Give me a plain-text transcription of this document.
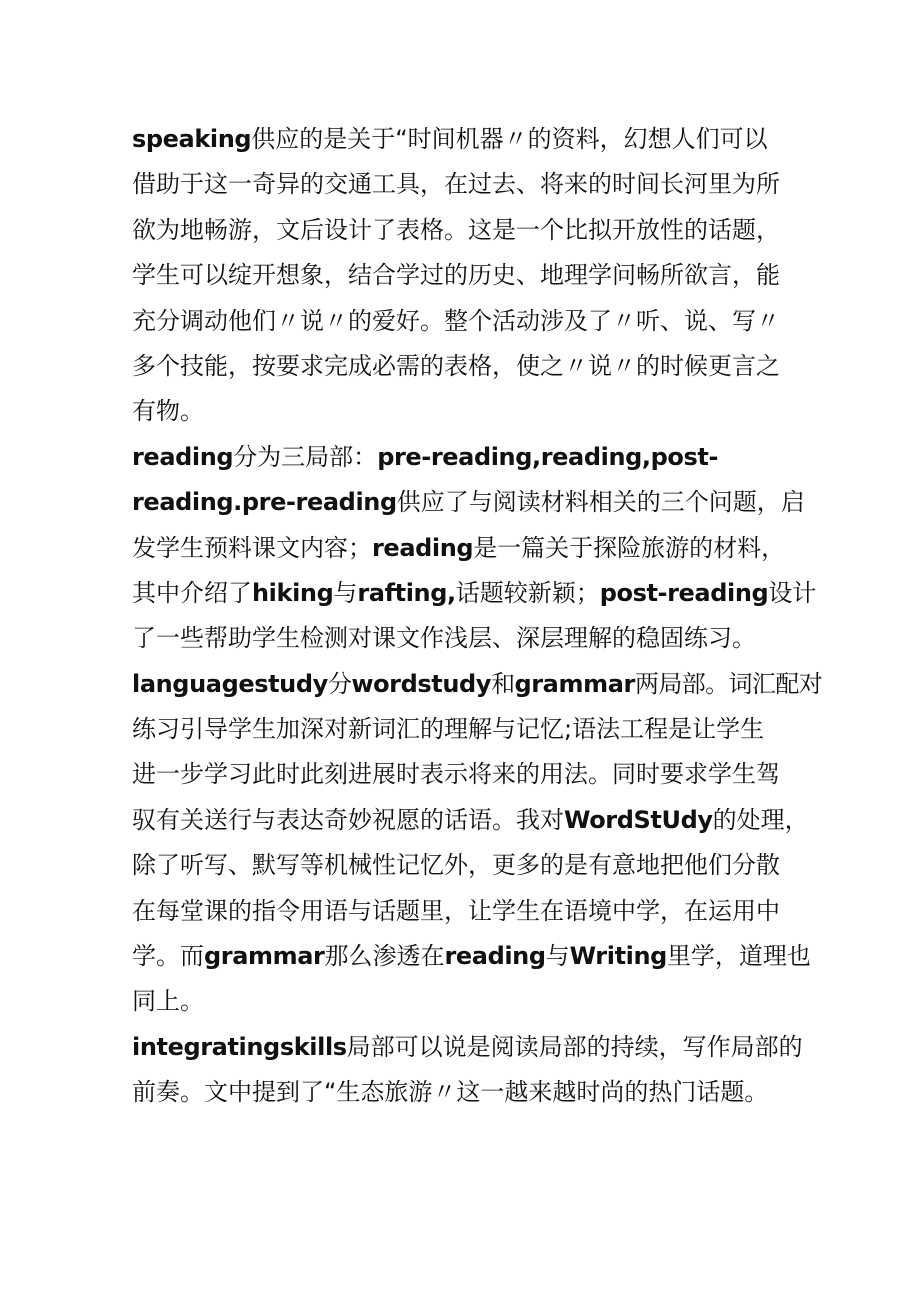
speaking供应的是关于“时间机器〃的资料，幻想人们可以
借助于这一奇异的交通工具，在过去、将来的时间长河里为所
欲为地畅游，文后设计了表格。这是一个比拟开放性的话题，
学生可以绽开想象，结合学过的历史、地理学问畅所欲言，能
充分调动他们〃说〃的爱好。整个活动涉及了〃听、说、写〃
多个技能，按要求完成必需的表格，使之〃说〃的时候更言之
有物。
reading分为三局部：pre-reading,reading,post-
reading.pre-reading供应了与阅读材料相关的三个问题，启
发学生预料课文内容；reading是一篇关于探险旅游的材料，
其中介绍了hiking与rafting,话题较新颖；post-reading设计
了一些帮助学生检测对课文作浅层、深层理解的稳固练习。
languagestudy分wordstudy和grammar两局部。词汇配对
练习引导学生加深对新词汇的理解与记忆;语法工程是让学生
进一步学习此时此刻进展时表示将来的用法。同时要求学生驾
驭有关送行与表达奇妙祝愿的话语。我对WordStUdy的处理，
除了听写、默写等机械性记忆外，更多的是有意地把他们分散
在每堂课的指令用语与话题里，让学生在语境中学，在运用中
学。而grammar那么渗透在reading与Writing里学，道理也
同上。
integratingskills局部可以说是阅读局部的持续，写作局部的
前奏。文中提到了“生态旅游〃这一越来越时尚的热门话题。
